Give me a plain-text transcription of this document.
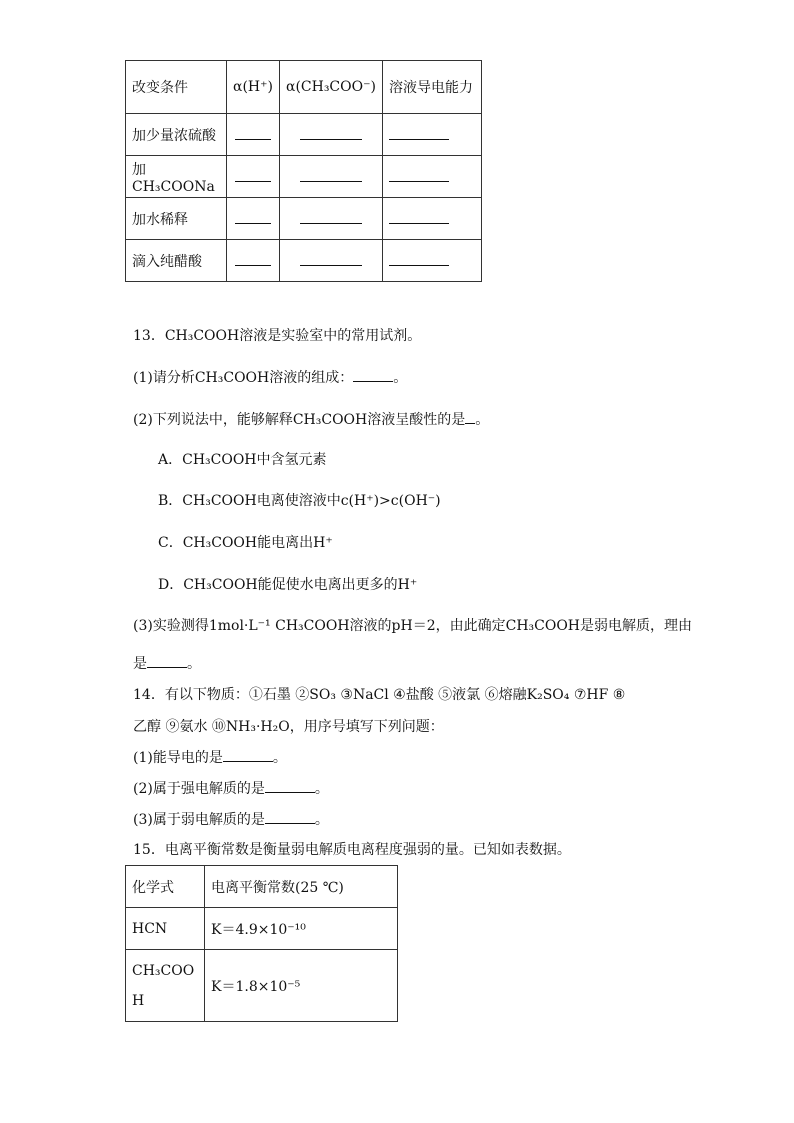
改变条件	α(H⁺)	α(CH₃COO⁻)	溶液导电能力
加少量浓硫酸			
加CH₃COONa			
加水稀释			
滴入纯醋酸			
13．CH₃COOH溶液是实验室中的常用试剂。
(1)请分析CH₃COOH溶液的组成：	。
(2)下列说法中，能够解释CH₃COOH溶液呈酸性的是 。
A．CH₃COOH中含氢元素
B．CH₃COOH电离使溶液中c(H⁺)>c(OH⁻)
C．CH₃COOH能电离出H⁺
D．CH₃COOH能促使水电离出更多的H⁺
(3)实验测得1mol·L⁻¹ CH₃COOH溶液的pH＝2，由此确定CH₃COOH是弱电解质，理由
是	。
14．有以下物质：①石墨 ②SO₃ ③NaCl ④盐酸 ⑤液氯 ⑥熔融K₂SO₄ ⑦HF ⑧
乙醇 ⑨氨水 ⑩NH₃·H₂O，用序号填写下列问题：
(1)能导电的是	。
(2)属于强电解质的是	。
(3)属于弱电解质的是	。
15．电离平衡常数是衡量弱电解质电离程度强弱的量。已知如表数据。
化学式	电离平衡常数(25 ℃)
HCN	K＝4.9×10⁻¹⁰

CH₃COO
H	K＝1.8×10⁻⁵
